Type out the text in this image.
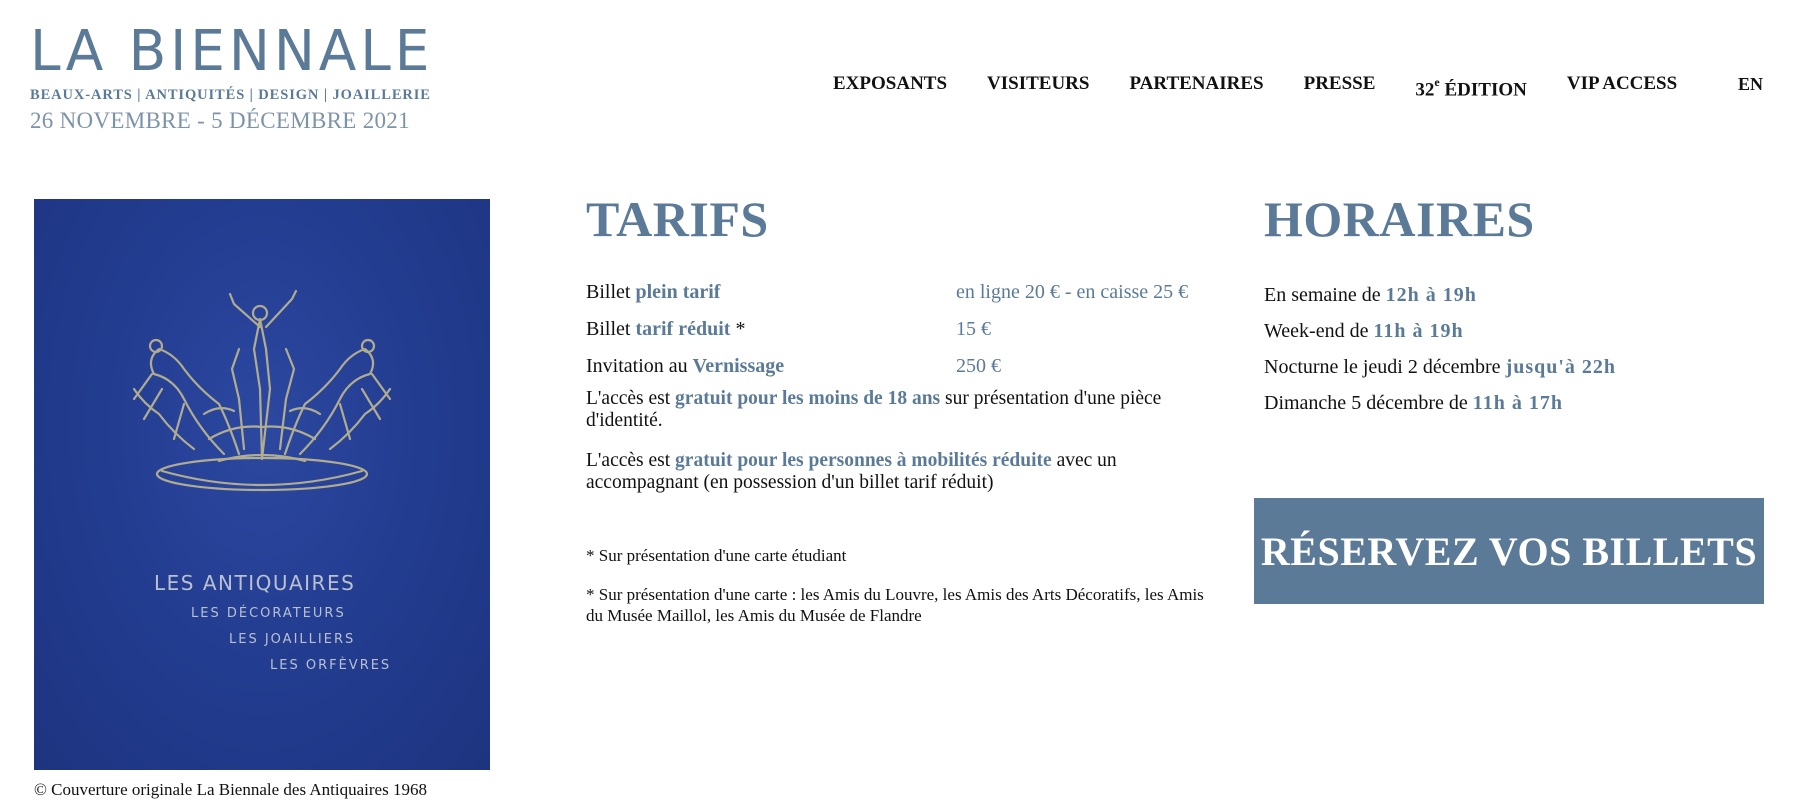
LA BIENNALE
BEAUX-ARTS | ANTIQUITÉS | DESIGN | JOAILLERIE
26 NOVEMBRE - 5 DÉCEMBRE 2021
EXPOSANTS VISITEURS PARTENAIRES PRESSE 32e ÉDITION VIP ACCESS	EN
LES ANTIQUAIRES
LES DÉCORATEURS
LES JOAILLIERS
LES ORFÈVRES
© Couverture originale La Biennale des Antiquaires 1968
TARIFS
Billet plein tarif	en ligne 20 € - en caisse 25 €
Billet tarif réduit *	15 €
Invitation au Vernissage	250 €

L'accès est gratuit pour les moins de 18 ans sur présentation d'une pièce d'identité.

L'accès est gratuit pour les personnes à mobilités réduite avec un accompagnant (en possession d'un billet tarif réduit)

* Sur présentation d'une carte étudiant

* Sur présentation d'une carte : les Amis du Louvre, les Amis des Arts Décoratifs, les Amis du Musée Maillol, les Amis du Musée de Flandre

HORAIRES
En semaine de 12h à 19h
Week-end de 11h à 19h
Nocturne le jeudi 2 décembre jusqu'à 22h
Dimanche 5 décembre de 11h à 17h
RÉSERVEZ VOS BILLETS
